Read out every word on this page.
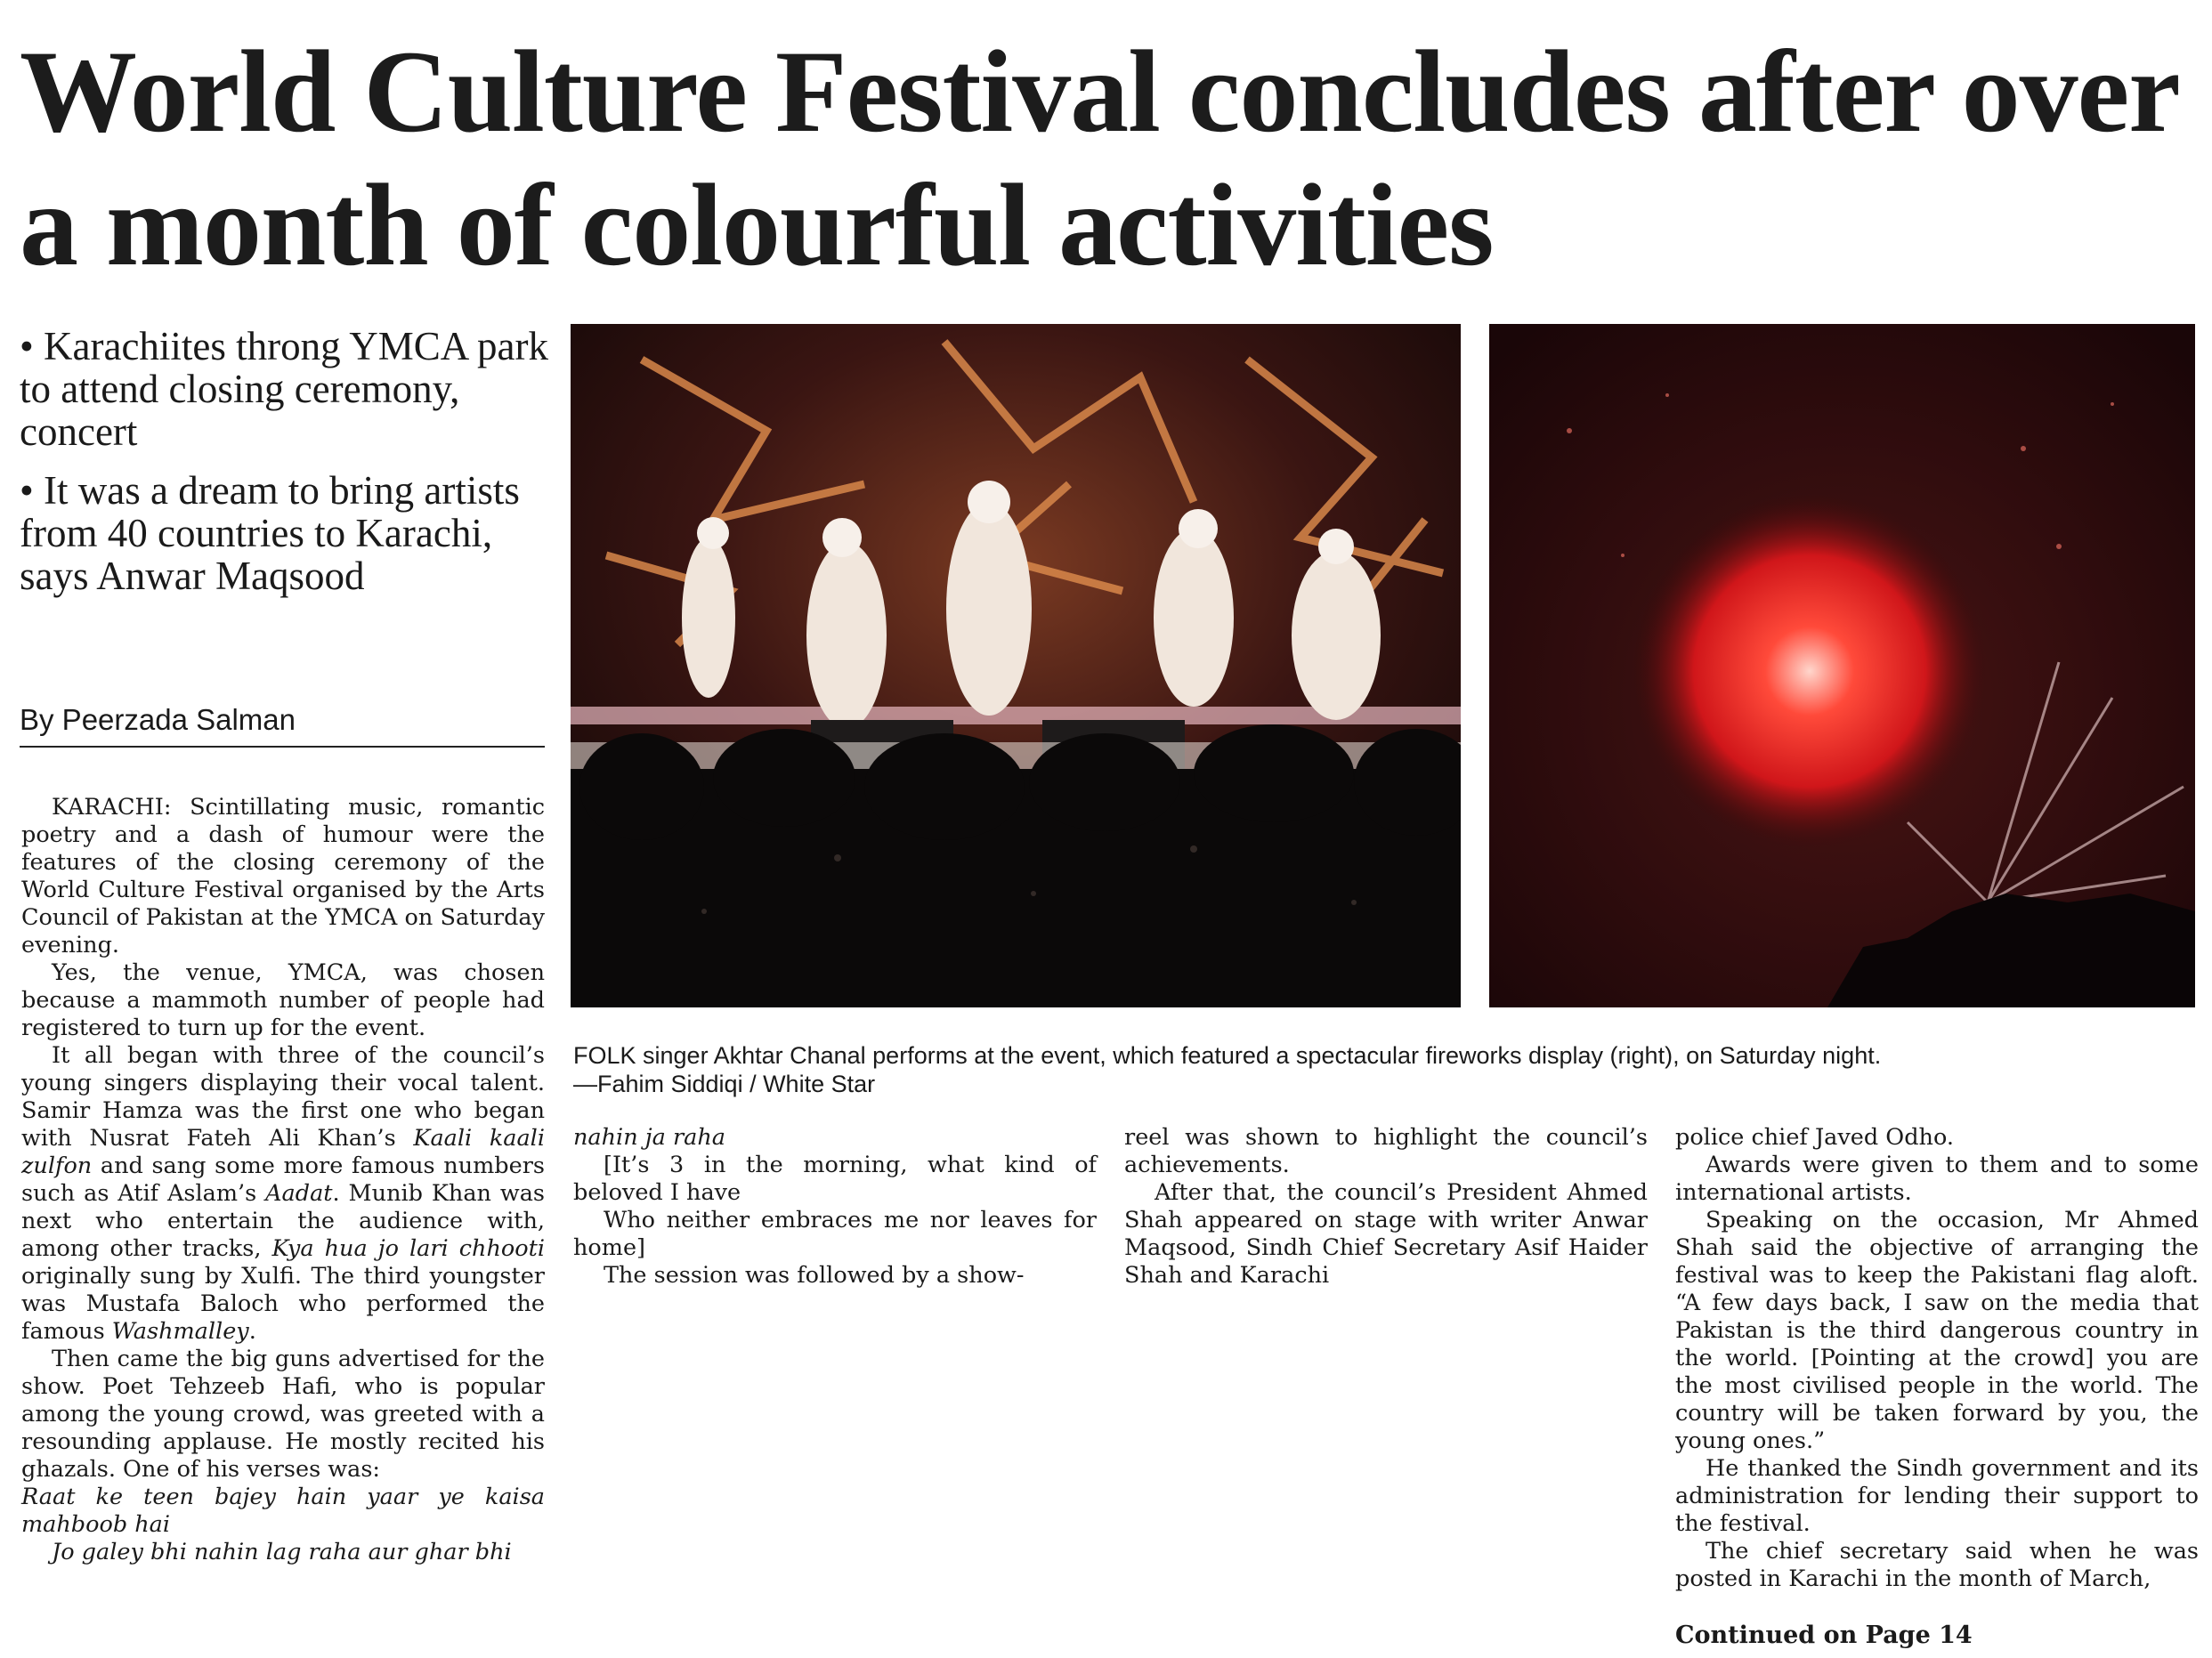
World Culture Festival concludes after over a month of colourful activities
• Karachiites throng YMCA park to attend closing ceremony, concert
• It was a dream to bring artists from 40 countries to Karachi, says Anwar Maqsood
By Peerzada Salman

KARACHI: Scintillating music, romantic poetry and a dash of humour were the features of the closing ceremony of the World Culture Festival organised by the Arts Council of Pakistan at the YMCA on Saturday evening.

Yes, the venue, YMCA, was chosen because a mammoth number of people had registered to turn up for the event.

It all began with three of the council’s young singers displaying their vocal talent. Samir Hamza was the first one who began with Nusrat Fateh Ali Khan’s Kaali kaali zulfon and sang some more famous numbers such as Atif Aslam’s Aadat. Munib Khan was next who entertain the audience with, among other tracks, Kya hua jo lari chhooti originally sung by Xulfi. The third youngster was Mustafa Baloch who performed the famous Washmalley.

Then came the big guns advertised for the show. Poet Tehzeeb Hafi, who is popular among the young crowd, was greeted with a resounding applause. He mostly recited his ghazals. One of his verses was:

Raat ke teen bajey hain yaar ye kaisa mahboob hai

Jo galey bhi nahin lag raha aur ghar bhi

FOLK singer Akhtar Chanal performs at the event, which featured a spectacular fireworks display (right), on Saturday night.
—Fahim Siddiqi / White Star

nahin ja raha

[It’s 3 in the morning, what kind of beloved I have

Who neither embraces me nor leaves for home]

The session was followed by a show-

reel was shown to highlight the council’s achievements.

After that, the council’s President Ahmed Shah appeared on stage with writer Anwar Maqsood, Sindh Chief Secretary Asif Haider Shah and Karachi

police chief Javed Odho.

Awards were given to them and to some international artists.

Speaking on the occasion, Mr Ahmed Shah said the objective of arranging the festival was to keep the Pakistani flag aloft. “A few days back, I saw on the media that Pakistan is the third dangerous country in the world. [Pointing at the crowd] you are the most civilised people in the world. The country will be taken forward by you, the young ones.”

He thanked the Sindh government and its administration for lending their support to the festival.

The chief secretary said when he was posted in Karachi in the month of March,

Continued on Page 14
